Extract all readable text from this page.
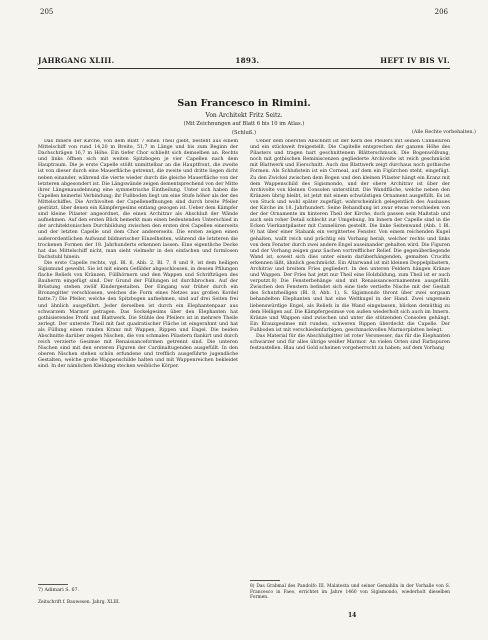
205	206
JAHRGANG XLIII.	1893.	HEFT IV BIS VI.
San Francesco in Rimini.
Von Architekt Fritz Seitz.
(Mit Zeichnungen auf Blatt 6 bis 10 im Atlas.)
(Schluß.)	(Alle Rechte vorbehalten.)

Das Innere der Kirche, von dem Blatt 7 einen Theil giebt, besteht aus einem Mittelschiff von rund 14,20 m Breite, 51,7 m Länge und bis zum Beginn der Dachschrägen 16,7 m Höhe. Ein tiefer Chor schließt sich demselben an. Rechts und links öffnen sich mit weiten Spitzbogen je vier Capellen nach dem Hauptraum. Die je erste Capelle stößt unmittelbar an die Hauptfront, die zweite ist von dieser durch eine Mauerfläche getrennt, die zweite und dritte liegen dicht neben einander, während die vierte wieder durch die gleiche Mauerfläche von der letzteren abgesondert ist. Die Längswände zeigen dementsprechend von der Mitte ihrer Längenausdehnung eine symmetrische Eintheilung. Unter sich haben die Capellen keinerlei Verbindung; ihr Fußboden liegt um eine Stufe höher als der des Mittelschiffes. Die Archivolten der Capelleneffnungen sind durch breite Pfeiler gestützt, über denen ein Kämpfergesims entlang gezogen ist. Ueber dem Kämpfer sind kleine Pilaster angeordnet, die einen Architrav als Abschluß der Wände aufnehmen. Auf den ersten Blick bemerkt man einen bedeutenden Unterschied in der architektonischen Durchbildung zwischen den ersten drei Capellen einerseits und der letzten Capelle und dem Chor andererseits. Die ersten zeigen einen außerordentlichen Aufwand bildnerischer Einzelheiten, während die letzteren die trockenen Formen der 18. Jahrhunderts erkennen lassen. Eine eigentliche Decke hat das Mittelschiff nicht, man sieht vielmehr in den einfachen und formlosen Dachstuhl hinein.

Die erste Capelle rechts, vgl. Bl. 6, Abb. 2, Bl. 7, 8 und 9, ist dem heiligen Sigismund geweiht. Sie ist mit einem Gefälder abgeschlossen, in dessen Pfilungen flache Reliefs von Kränzen, Füllhörnern und den Wappen und Schriftzügen des Bauherrn eingefügt sind. Der Grund der Füllungen ist durchbrochen. Auf der Brüstung stehen zwölf Kindergestalten. Der Eingang war früher durch ein Bronzegitter verschlossen, welches die Form eines Netzes aus großen Kordel hatte.7) Die Pfeiler, welche den Spitzbogen aufnehmen, sind auf drei Seiten frei und ähnlich ausgeführt. Jeder derselben ist durch ein Elephantenpaar aus schwarzem Marmor getragen. Das Sockelgesims über den Elephanten hat gothisierendes Profil und Blattwerk. Die Stühle des Pfeilers ist in mehrere Theile zerlegt. Der unterste Theil mit fast quadratischer Fläche ist eingerahmt und hat als Füllung einen runden Kranz mit Wappen, Rippen und Engel. Die beiden Abschnitte darüber zeigen Nischen, die von schmalen Pilastern flankirt und durch reich verzierte Gesimse mit Renaissanceformen getrennt sind. Die unteren Nischen sind mit den ersteren Figuren der Cardinaltugenden ausgefüllt. In den oberen Nischen stehen schön erfundene und trefflich ausgeführte jugendliche Gestalten, welche große Wappenschilde halten und mit Wappenreichen bekleidet sind. In der nämlichen Kleidung stecken weibliche Körper.

Ueber dem obersten Abschnitt ist der Kern des Pfeilers mit seinen Cannelüren und ein stückweit freigestellt. Die Capitelle entsprechen der ganzen Höhe des Pilasters und tragen hart geschnittenem Blätterschmuck. Die Bogenwölbung, noch mit gothischen Reminiscenzen gegliederte Archivolte ist reich geschmückt mit Blattwerk und Eierschnitt. Auch das Blattwerk zeigt durchaus noch gothische Formen. Als Schlußstein ist ein Corneal, auf dem ein Figürchen steht, eingefügt. Zu den Zwickel zwischen dem Bogen und den kleinen Pilaster hängt ein Kranz mit dem Wappenschild des Sigismondo, und der obere Architrav ist über der Archivolte von kleinen Consolen unterstützt. Die Wandfläche, welche neben den Kränzen übrig bleibt, ist jetzt mit einem schwülstigen Ornament ausgefüllt. Es ist von Stuck und wohl später zugefügt, wahrscheinlich gelegentlich des Ausbaues der Kirche im 18. Jahrhundert. Seine Behandlung ist zwar etwas verschieden von der der Ornamente im hinteren Theil der Kirche, doch passen sein Maßstab und auch sein roher Detail schlecht zur Umgebung. Im Innern der Capelle sind in die Ecken Vierkantpilaster mit Cannelüren gestellt. Die linke Seitenwand (Abb. 1 Bl. 9) hat über einer Stabank ein vergittertes Fenster. Von einem reichenden Kugel gehalten, wallt reich und prächtig ein Vorhang herab, welcher rechts und links von dem Fenster durch zwei andere Engel auseinander gehalten wird. Die Figuren und der Vorhang zeigen ganz Sachen vortrefflicher Relief. Die gegenüberliegende Wand ist, soweit sich dies unter einem darüberhängenden, gemalten Crucifix erkennen läßt, ähnlich geschmückt. Ein Altarwand ist mit kleinen Doppelpilastern, Architrav und breitem Fries gegliedert. In den unteren Feldern hängen Kränze und Wappen. Der Fries hat jetzt nur Theil eine Holzbildung, zum Theil ist er auch verputzt.8) Die Fensterbehänge sind mit Renaissanceornamenten ausgefüllt. Zwischen den Fenstern befindet sich eine tiefe vertiefte Nische mit der Gestalt des Schutzheiligen (Bl. 8, Abb. 1). S. Sigismondo thront über zwei sorgsam behandelten Elephanten und hat eine Weltkugel in der Hand. Zwei ungemein liebenswürdige Engel, als Reliefs in die Wand eingelassen, blicken demüthig zu dem Heiligen auf. Die Kämpfergesimse von außen wiederholt sich auch im Innern. Kränze und Wappen sind zwischen und unter die stützenden Consolen gehängt. Ein Krauzgesimse mit runden, schweren Rippen überdeckt die Capelle. Der Fußboden ist mit verschiedenfarbigen, geschmackvollen Marmorplatten belegt.

Das Material für die Abschlußgitter ist roter Veronesser, das für die Elephanten schwarzer und für alles übrige weißer Marmor. An vielen Orten sind Farbspuren festzustellen. Blau und Gold scheinen vorgeherrscht zu haben; auf dem Vorhang

7) Adimari S. 67.
Zeitschrift f. Bauwesen. Jahrg. XLIII.
8) Das Grabmal des Pandolfo III. Malatesta und seiner Gemahlin in der Vorhalle von S. Francesco in Faeo, errichtet im Jahre 1460 von Sigismondo, wiederholt dieselben Formen.
14
